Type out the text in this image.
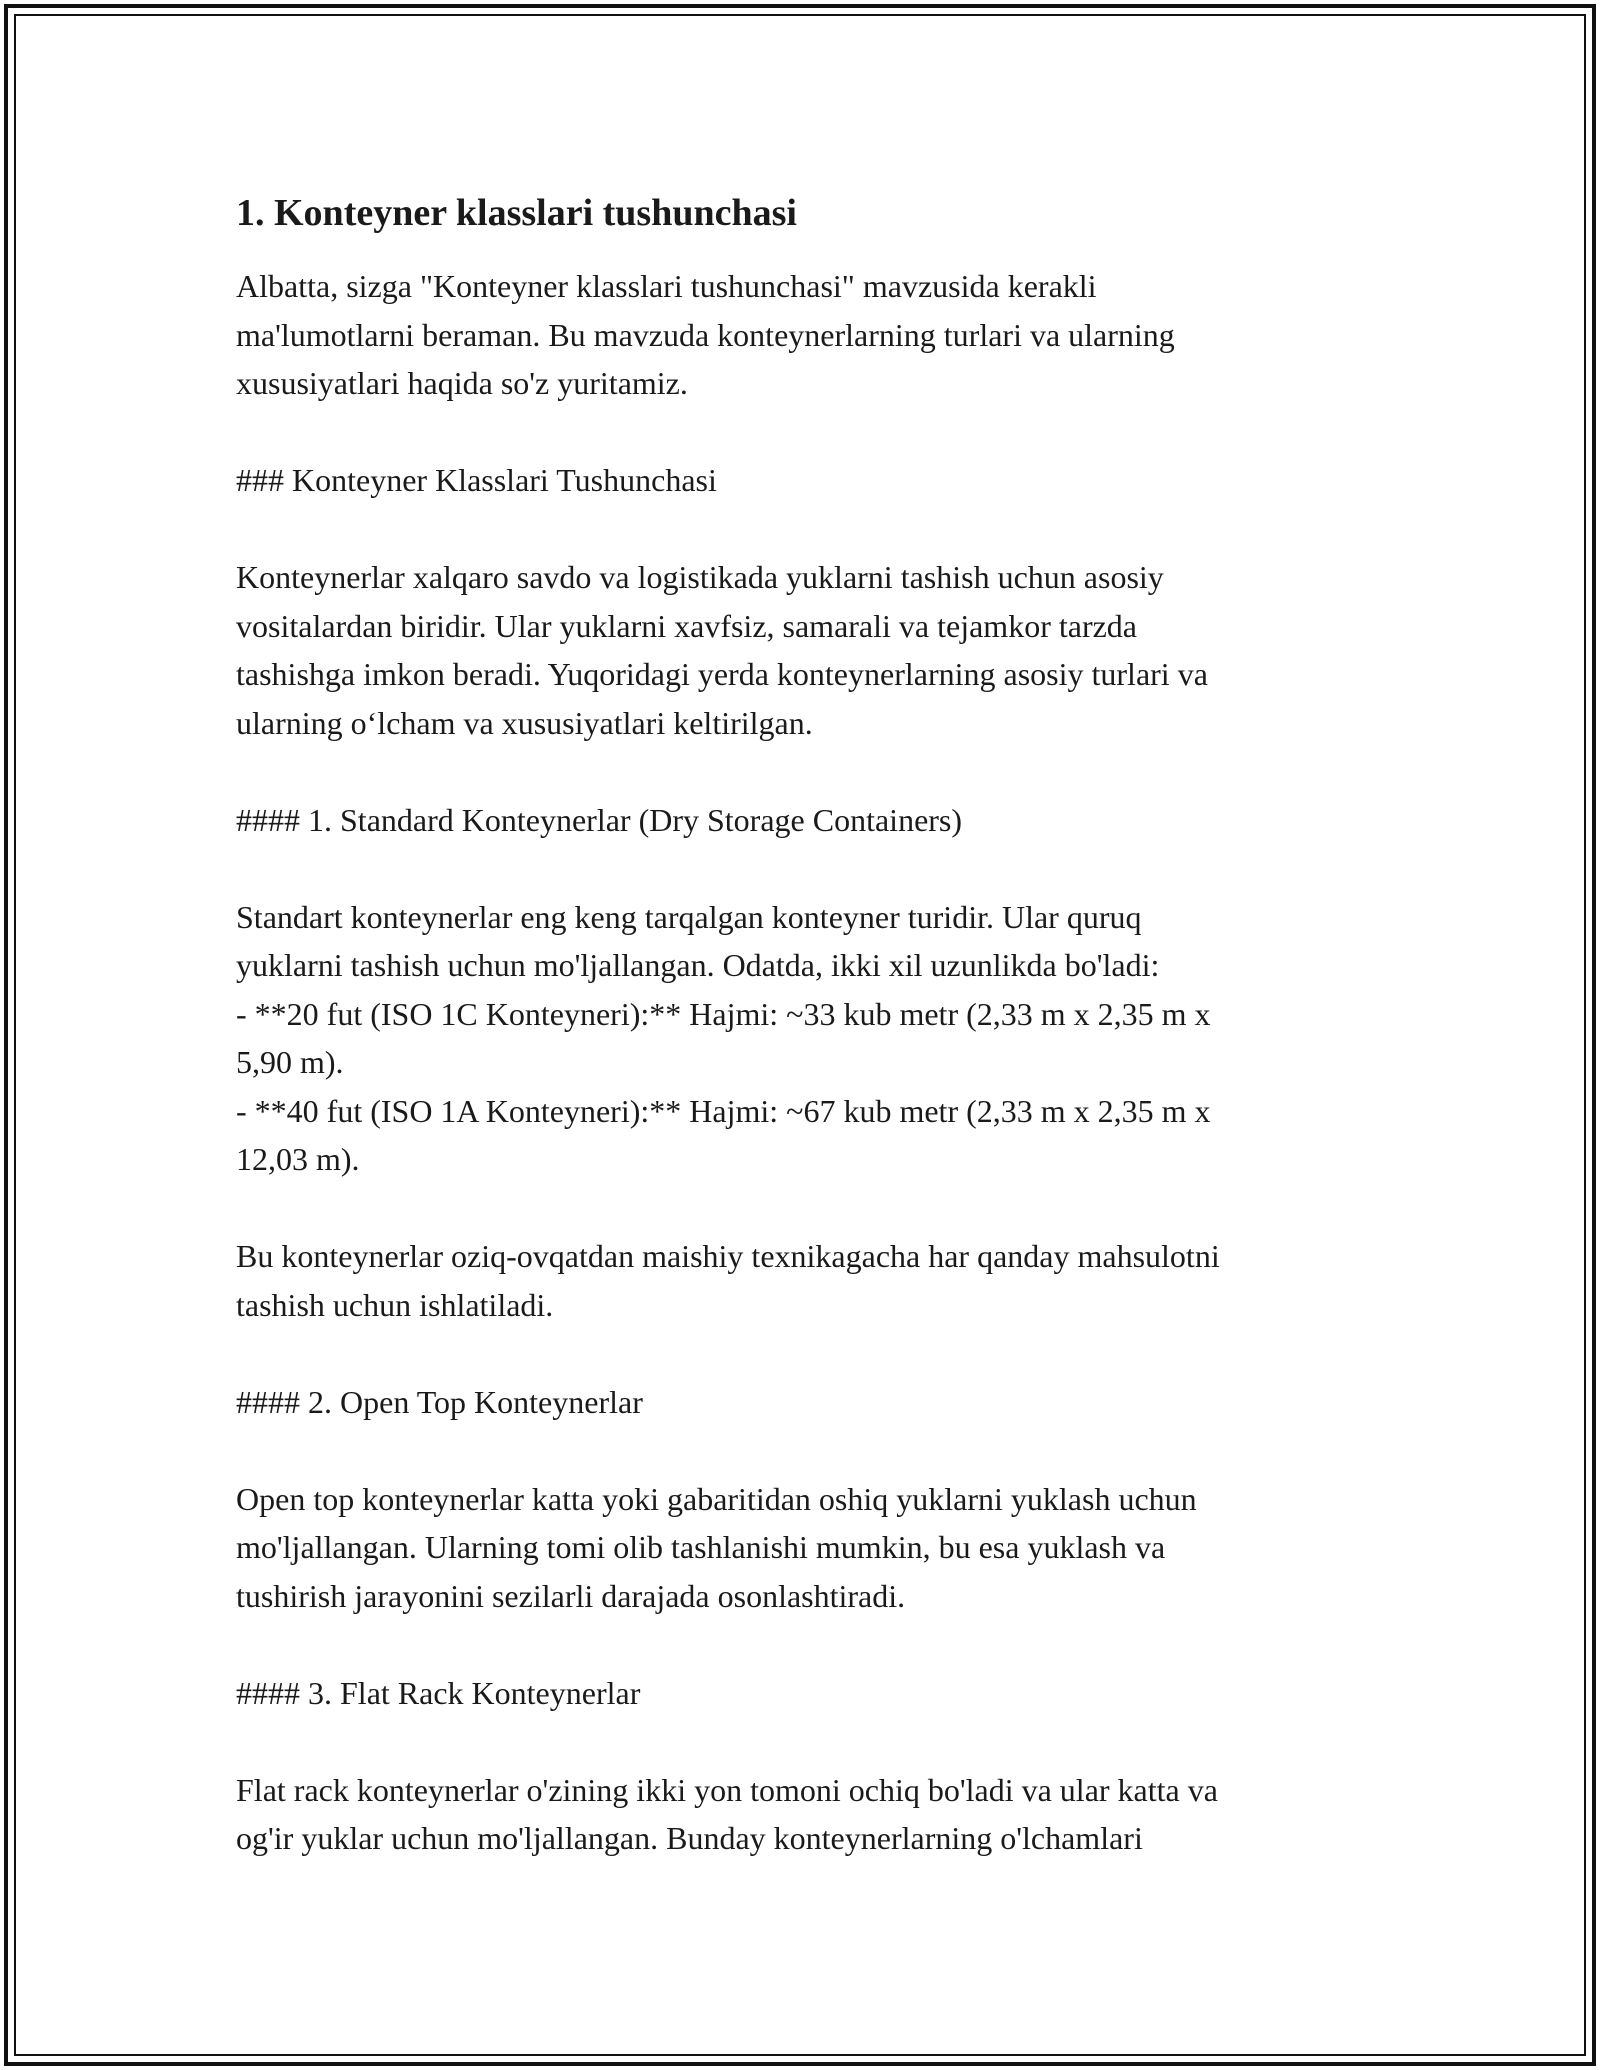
1. Konteyner klasslari tushunchasi
Albatta, sizga "Konteyner klasslari tushunchasi" mavzusida kerakli
ma'lumotlarni beraman. Bu mavzuda konteynerlarning turlari va ularning
xususiyatlari haqida so'z yuritamiz.
### Konteyner Klasslari Tushunchasi
Konteynerlar xalqaro savdo va logistikada yuklarni tashish uchun asosiy
vositalardan biridir. Ular yuklarni xavfsiz, samarali va tejamkor tarzda
tashishga imkon beradi. Yuqoridagi yerda konteynerlarning asosiy turlari va
ularning o‘lcham va xususiyatlari keltirilgan.
#### 1. Standard Konteynerlar (Dry Storage Containers)
Standart konteynerlar eng keng tarqalgan konteyner turidir. Ular quruq
yuklarni tashish uchun mo'ljallangan. Odatda, ikki xil uzunlikda bo'ladi:
- **20 fut (ISO 1C Konteyneri):** Hajmi: ~33 kub metr (2,33 m x 2,35 m x
5,90 m).
- **40 fut (ISO 1A Konteyneri):** Hajmi: ~67 kub metr (2,33 m x 2,35 m x
12,03 m).
Bu konteynerlar oziq-ovqatdan maishiy texnikagacha har qanday mahsulotni
tashish uchun ishlatiladi.
#### 2. Open Top Konteynerlar
Open top konteynerlar katta yoki gabaritidan oshiq yuklarni yuklash uchun
mo'ljallangan. Ularning tomi olib tashlanishi mumkin, bu esa yuklash va
tushirish jarayonini sezilarli darajada osonlashtiradi.
#### 3. Flat Rack Konteynerlar
Flat rack konteynerlar o'zining ikki yon tomoni ochiq bo'ladi va ular katta va
og'ir yuklar uchun mo'ljallangan. Bunday konteynerlarning o'lchamlari
